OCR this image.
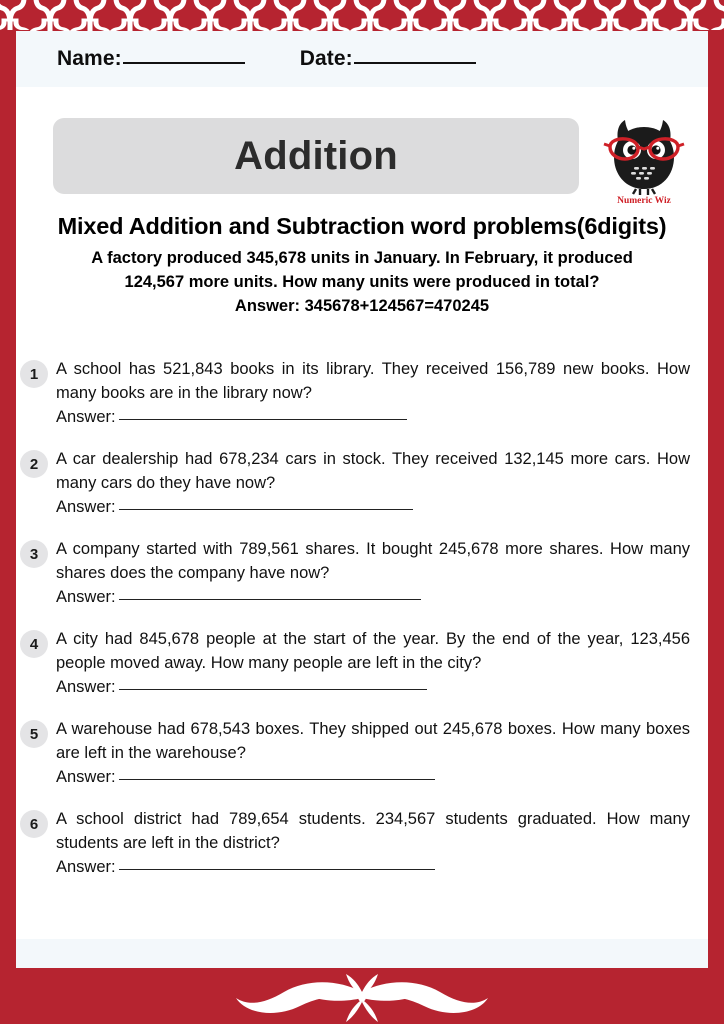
Name:	Date:
Addition
Numeric Wiz
Mixed Addition and Subtraction word problems(6digits)
A factory produced 345,678 units in January. In February, it produced
124,567 more units. How many units were produced in total?
Answer: 345678+124567=470245
1	A school has 521,843 books in its library. They received 156,789 new books. How many books are in the library now?
Answer:
2	A car dealership had 678,234 cars in stock. They received 132,145 more cars. How many cars do they have now?
Answer:
3	A company started with 789,561 shares. It bought 245,678 more shares. How many shares does the company have now?
Answer:
4	A city had 845,678 people at the start of the year. By the end of the year, 123,456 people moved away. How many people are left in the city?
Answer:
5	A warehouse had 678,543 boxes. They shipped out 245,678 boxes. How many boxes are left in the warehouse?
Answer:
6	A school district had 789,654 students. 234,567 students graduated. How many students are left in the district?
Answer:
